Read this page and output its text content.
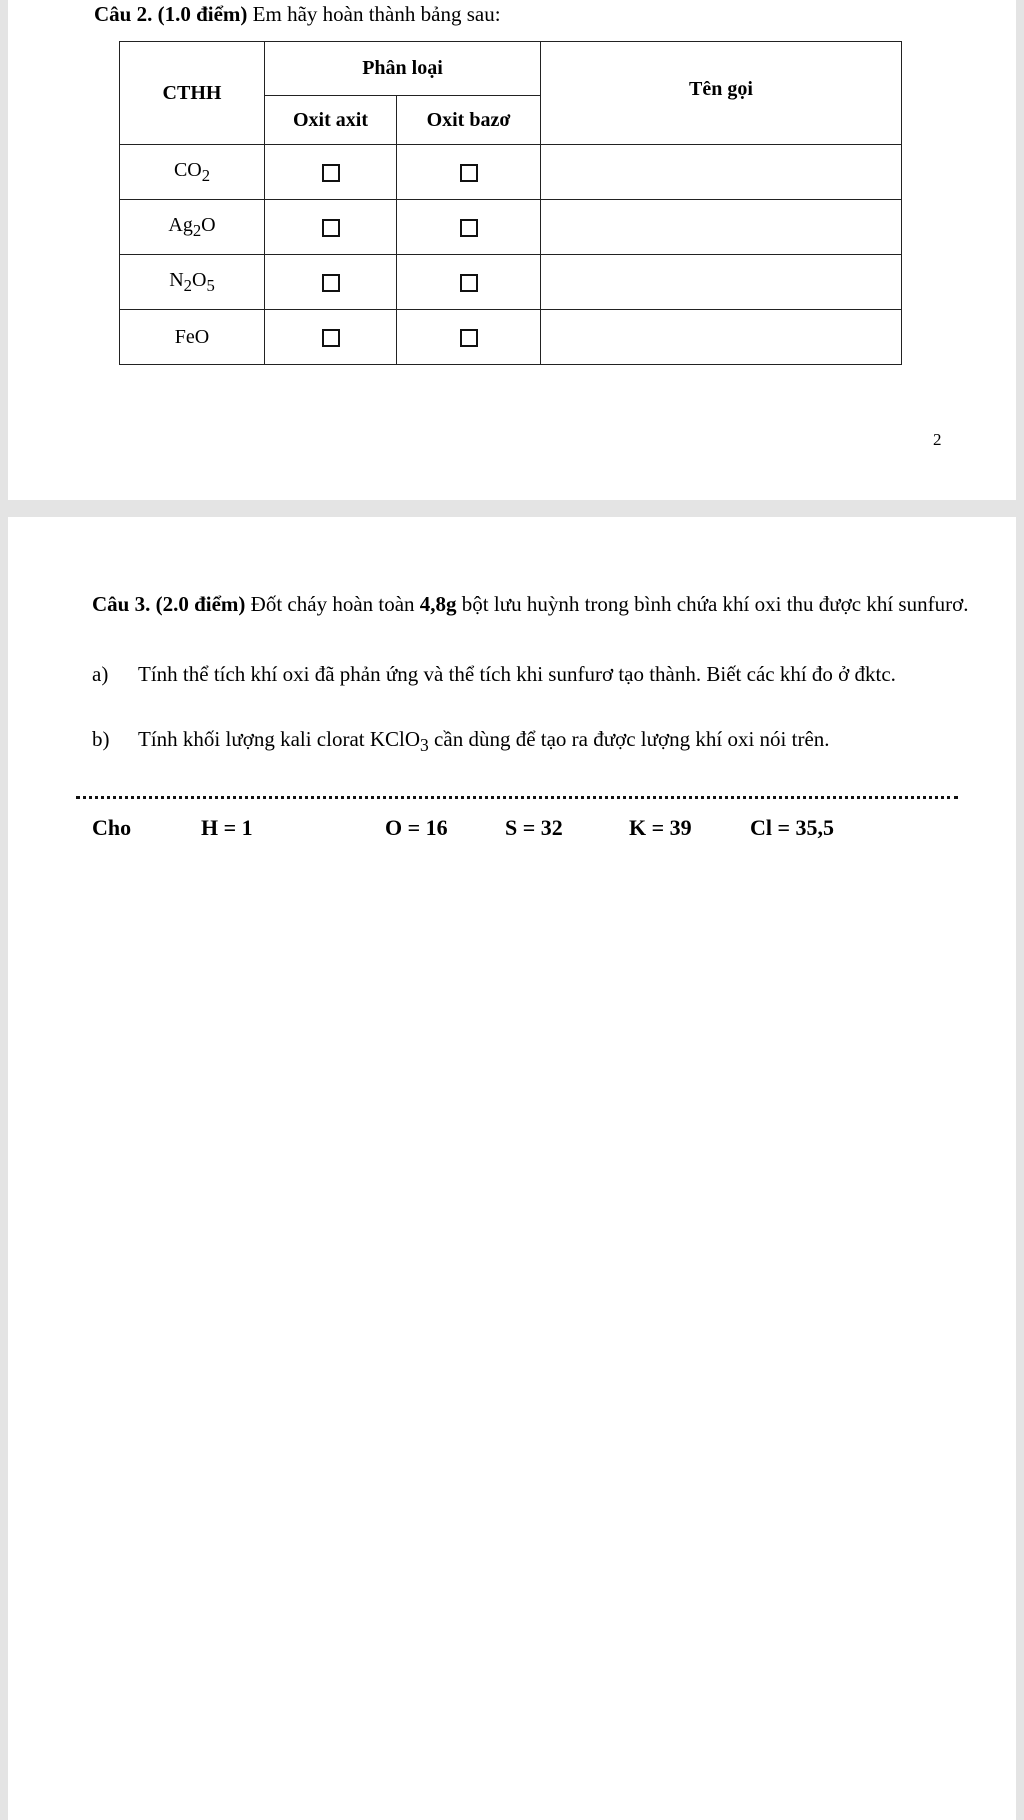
Câu 2. (1.0 điểm) Em hãy hoàn thành bảng sau:
CTHH	Phân loại		Tên gọi
	Oxit axit	Oxit bazơ	
$CO_2$			
$Ag_2O$			
$N_2O_5$			
FeO			
2
Câu 3. (2.0 điểm) Đốt cháy hoàn toàn 4,8g bột lưu huỳnh trong bình chứa khí oxi thu được khí sunfurơ.
a) Tính thể tích khí oxi đã phản ứng và thể tích khi sunfurơ tạo thành. Biết các khí đo ở đktc.
b) Tính khối lượng kali clorat KClO$_3$ cần dùng để tạo ra được lượng khí oxi nói trên.
Cho	H = 1	O = 16	S = 32	K = 39	Cl = 35,5
